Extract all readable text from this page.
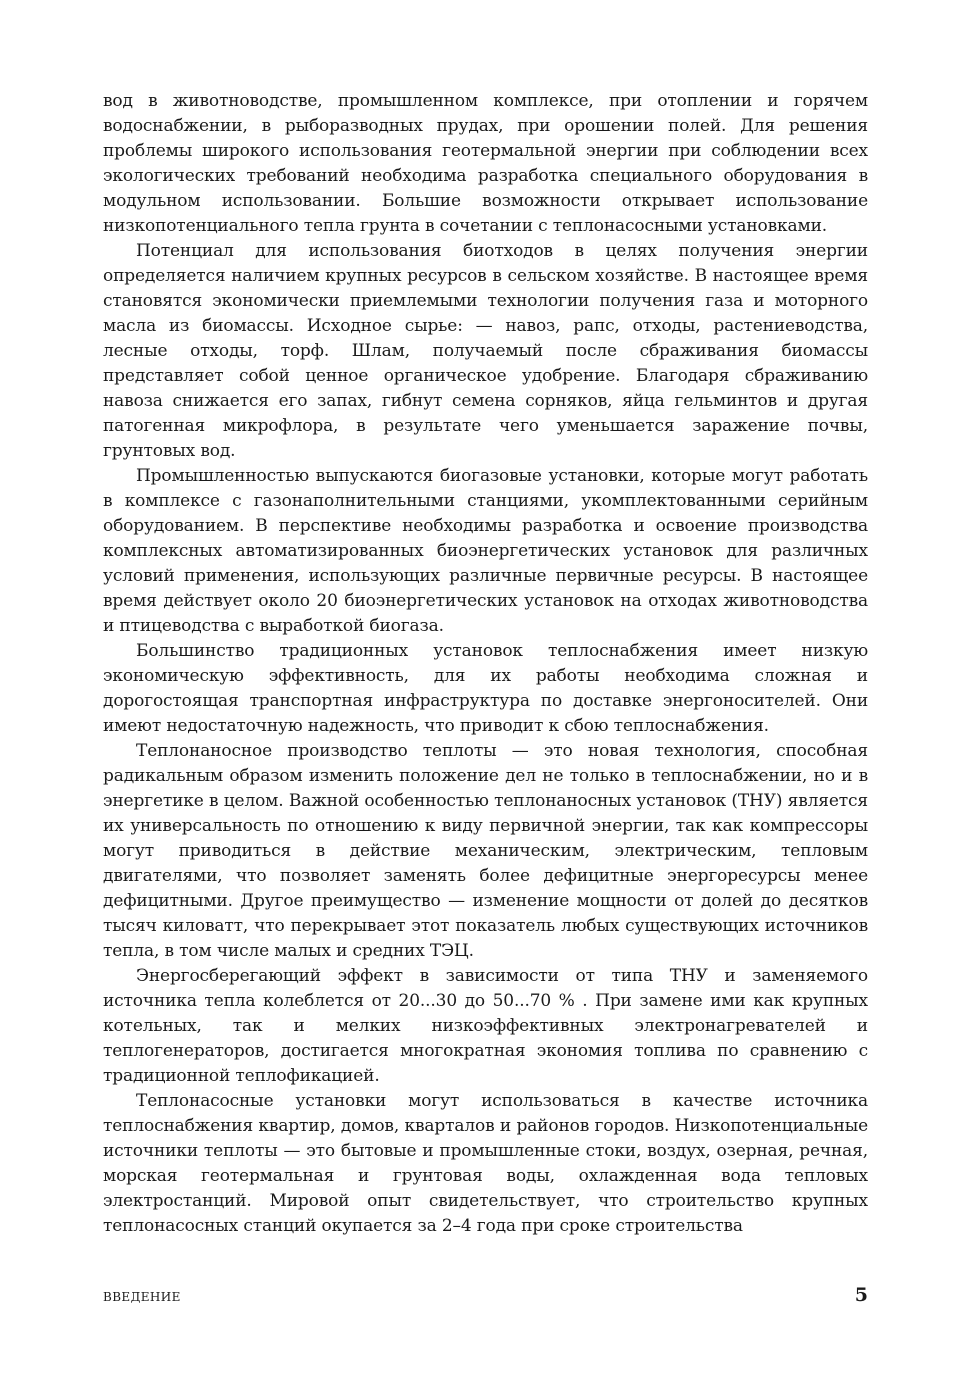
вод в животноводстве, промышленном комплексе, при отоплении и горячем водоснабжении, в рыборазводных прудах, при орошении полей. Для решения проблемы широкого использования геотермальной энергии при соблюдении всех экологических требований необходима разработка специального оборудования в модульном использовании. Большие возможности открывает использование низкопотенциального тепла грунта в сочетании с теплонасосными установками.

Потенциал для использования биотходов в целях получения энергии определяется наличием крупных ресурсов в сельском хозяйстве. В настоящее время становятся экономически приемлемыми технологии получения газа и моторного масла из биомассы. Исходное сырье: — навоз, рапс, отходы, растениеводства, лесные отходы, торф. Шлам, получаемый после сбраживания биомассы представляет собой ценное органическое удобрение. Благодаря сбраживанию навоза снижается его запах, гибнут семена сорняков, яйца гельминтов и другая патогенная микрофлора, в результате чего уменьшается заражение почвы, грунтовых вод.

Промышленностью выпускаются биогазовые установки, которые могут работать в комплексе с газонаполнительными станциями, укомплектованными серийным оборудованием. В перспективе необходимы разработка и освоение производства комплексных автоматизированных биоэнергетических установок для различных условий применения, использующих различные первичные ресурсы. В настоящее время действует около 20 биоэнергетических установок на отходах животноводства и птицеводства с выработкой биогаза.

Большинство традиционных установок теплоснабжения имеет низкую экономическую эффективность, для их работы необходима сложная и дорогостоящая транспортная инфраструктура по доставке энергоносителей. Они имеют недостаточную надежность, что приводит к сбою теплоснабжения.

Теплонаносное производство теплоты — это новая технология, способная радикальным образом изменить положение дел не только в теплоснабжении, но и в энергетике в целом. Важной особенностью теплонаносных установок (ТНУ) является их универсальность по отношению к виду первичной энергии, так как компрессоры могут приводиться в действие механическим, электрическим, тепловым двигателями, что позволяет заменять более дефицитные энергоресурсы менее дефицитными. Другое преимущество — изменение мощности от долей до десятков тысяч киловатт, что перекрывает этот показатель любых существующих источников тепла, в том числе малых и средних ТЭЦ.

Энергосберегающий эффект в зависимости от типа ТНУ и заменяемого источника тепла колеблется от 20...30 до 50...70 % . При замене ими как крупных котельных, так и мелких низкоэффективных электронагревателей и теплогенераторов, достигается многократная экономия топлива по сравнению с традиционной теплофикацией.

Теплонасосные установки могут использоваться в качестве источника теплоснабжения квартир, домов, кварталов и районов городов. Низкопотенциальные источники теплоты — это бытовые и промышленные стоки, воздух, озерная, речная, морская геотермальная и грунтовая воды, охлажденная вода тепловых электростанций. Мировой опыт свидетельствует, что строительство крупных теплонасосных станций окупается за 2–4 года при сроке строительства

ВВЕДЕНИЕ	5
